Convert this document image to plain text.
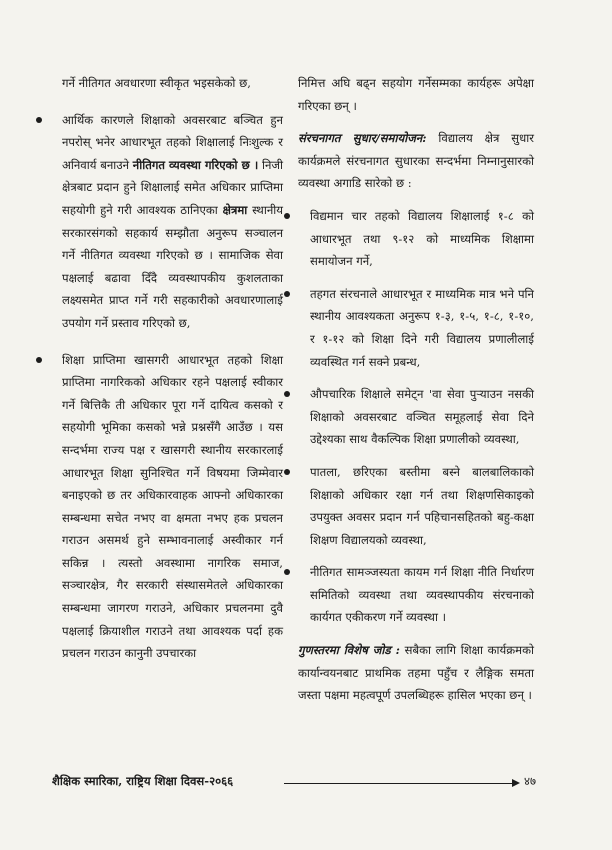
गर्ने नीतिगत अवधारणा स्वीकृत भइसकेको छ,

आर्थिक कारणले शिक्षाको अवसरबाट बञ्चित हुन नपरोस् भनेर आधारभूत तहको शिक्षालाई निःशुल्क र अनिवार्य बनाउने नीतिगत व्यवस्था गरिएको छ । निजी क्षेत्रबाट प्रदान हुने शिक्षालाई समेत अधिकार प्राप्तिमा सहयोगी हुने गरी आवश्यक ठानिएका क्षेत्रमा स्थानीय सरकारसंगको सहकार्य सम्झौता अनुरूप सञ्चालन गर्ने नीतिगत व्यवस्था गरिएको छ । सामाजिक सेवा पक्षलाई बढावा दिँदै व्यवस्थापकीय कुशलताका लक्ष्यसमेत प्राप्त गर्ने गरी सहकारीको अवधारणालाई उपयोग गर्ने प्रस्ताव गरिएको छ,
शिक्षा प्राप्तिमा खासगरी आधारभूत तहको शिक्षा प्राप्तिमा नागरिकको अधिकार रहने पक्षलाई स्वीकार गर्ने बित्तिकै ती अधिकार पूरा गर्ने दायित्व कसको र सहयोगी भूमिका कसको भन्ने प्रश्नसँगै आउँछ । यस सन्दर्भमा राज्य पक्ष र खासगरी स्थानीय सरकारलाई आधारभूत शिक्षा सुनिश्चित गर्ने विषयमा जिम्मेवार बनाइएको छ तर अधिकारवाहक आफ्नो अधिकारका सम्बन्धमा सचेत नभए वा क्षमता नभए हक प्रचलन गराउन असमर्थ हुने सम्भावनालाई अस्वीकार गर्न सकिन्न । त्यस्तो अवस्थामा नागरिक समाज, सञ्चारक्षेत्र, गैर सरकारी संस्थासमेतले अधिकारका सम्बन्धमा जागरण गराउने, अधिकार प्रचलनमा दुवै पक्षलाई क्रियाशील गराउने तथा आवश्यक पर्दा हक प्रचलन गराउन कानुनी उपचारका

निमित्त अघि बढ्न सहयोग गर्नेसम्मका कार्यहरू अपेक्षा गरिएका छन् ।

संरचनागत सुधार/समायोजन: विद्यालय क्षेत्र सुधार कार्यक्रमले संरचनागत सुधारका सन्दर्भमा निम्नानुसारको व्यवस्था अगाडि सारेको छ :

विद्यमान चार तहको विद्यालय शिक्षालाई १-८ को आधारभूत तथा ९-१२ को माध्यमिक शिक्षामा समायोजन गर्ने,
तहगत संरचनाले आधारभूत र माध्यमिक मात्र भने पनि स्थानीय आवश्यकता अनुरूप १-३, १-५, १-८, १-१०, र १-१२ को शिक्षा दिने गरी विद्यालय प्रणालीलाई व्यवस्थित गर्न सक्ने प्रबन्ध,
औपचारिक शिक्षाले समेट्न 'वा सेवा पुर्‍याउन नसकी शिक्षाको अवसरबाट वञ्चित समूहलाई सेवा दिने उद्देश्यका साथ वैकल्पिक शिक्षा प्रणालीको व्यवस्था,
पातला, छरिएका बस्तीमा बस्ने बालबालिकाको शिक्षाको अधिकार रक्षा गर्न तथा शिक्षणसिकाइको उपयुक्त अवसर प्रदान गर्न पहिचानसहितको बहु-कक्षा शिक्षण विद्यालयको व्यवस्था,
नीतिगत सामञ्जस्यता कायम गर्न शिक्षा नीति निर्धारण समितिको व्यवस्था तथा व्यवस्थापकीय संरचनाको कार्यगत एकीकरण गर्ने व्यवस्था ।

गुणस्तरमा विशेष जोड : सबैका लागि शिक्षा कार्यक्रमको कार्यान्वयनबाट प्राथमिक तहमा पहुँच र लैङ्गिक समता जस्ता पक्षमा महत्वपूर्ण उपलब्धिहरू हासिल भएका छन् ।

शैक्षिक स्मारिका, राष्ट्रिय शिक्षा दिवस-२०६६	४७
